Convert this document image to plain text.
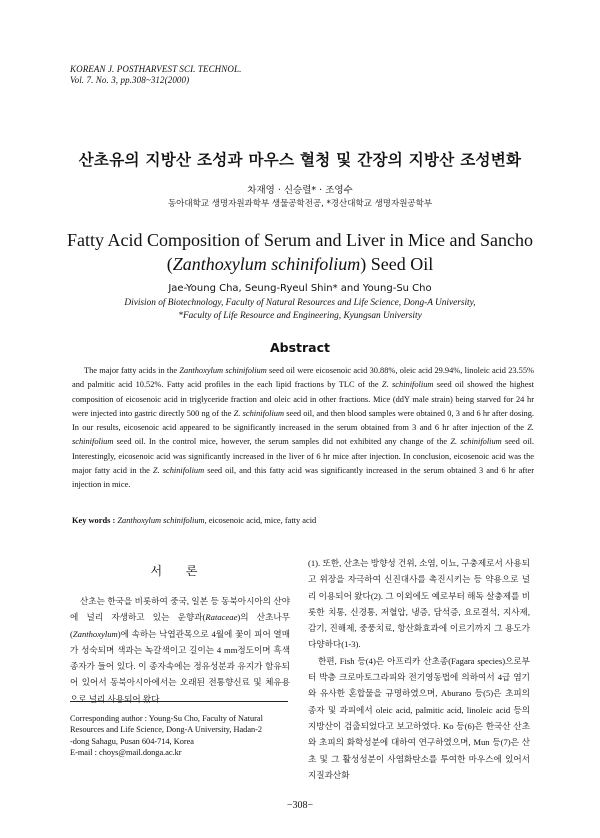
KOREAN J. POSTHARVEST SCI. TECHNOL.
Vol. 7. No. 3, pp.308~312(2000)
산초유의 지방산 조성과 마우스 혈청 및 간장의 지방산 조성변화
차재영 · 신승렬* · 조영수
동아대학교 생명자원과학부 생물공학전공, *경산대학교 생명자원공학부
Fatty Acid Composition of Serum and Liver in Mice and Sancho
(Zanthoxylum schinifolium) Seed Oil
Jae-Young Cha, Seung-Ryeul Shin* and Young-Su Cho
Division of Biotechnology, Faculty of Natural Resources and Life Science, Dong-A University,
*Faculty of Life Resource and Engineering, Kyungsan University
Abstract

The major fatty acids in the Zanthoxylum schinifolium seed oil were eicosenoic acid 30.88%, oleic acid 29.94%, linoleic acid 23.55% and palmitic acid 10.52%. Fatty acid profiles in the each lipid fractions by TLC of the Z. schinifolium seed oil showed the highest composition of eicosenoic acid in triglyceride fraction and oleic acid in other fractions. Mice (ddY male strain) being starved for 24 hr were injected into gastric directly 500 ng of the Z. schinifolium seed oil, and then blood samples were obtained 0, 3 and 6 hr after dosing. In our results, eicosenoic acid appeared to be significantly increased in the serum obtained from 3 and 6 hr after injection of the Z. schinifolium seed oil. In the control mice, however, the serum samples did not exhibited any change of the Z. schinifolium seed oil. Interestingly, eicosenoic acid was significantly increased in the liver of 6 hr mice after injection. In conclusion, eicosenoic acid was the major fatty acid in the Z. schinifolium seed oil, and this fatty acid was significantly increased in the serum obtained 3 and 6 hr after injection in mice.

Key words : Zanthoxylum schinifolium, eicosenoic acid, mice, fatty acid
서 론

산초는 한국을 비롯하여 중국, 일본 등 동북아시아의 산야에 널리 자생하고 있는 운향과(Rataceae)의 산초나무(Zanthoxylum)에 속하는 낙엽관목으로 4월에 꽃이 피어 열매가 성숙되며 색과는 녹갈색이고 길이는 4 mm정도이며 흑색종자가 들어 있다. 이 종자속에는 정유성분과 유지가 함유되어 있어서 동북아시아에서는 오래된 전통향신료 및 체유용으로 널리 사용되어 왔다

(1). 또한, 산초는 방향성 건위, 소염, 이뇨, 구충제로서 사용되고 위장을 자극하여 신진대사를 촉진시키는 등 약용으로 널리 이용되어 왔다(2). 그 이외에도 예로부터 해독 살충제를 비롯한 치통, 신경통, 저혈압, 냉증, 담석증, 요로결석, 지사제, 감기, 진해제, 중풍치료, 항산화효과에 이르기까지 그 용도가 다양하다(1-3).

한편, Fish 등(4)은 아프리카 산초종(Fagara species)으로부터 박층 크로마토그라피와 전기영동법에 의하여서 4급 염기와 유사한 혼합물을 규명하였으며, Aburano 등(5)은 초피의 종자 및 과피에서 oleic acid, palmitic acid, linoleic acid 등의 지방산이 검출되었다고 보고하였다. Ko 등(6)은 한국산 산초와 초피의 화학성분에 대하여 연구하였으며, Mun 등(7)은 산초 및 그 활성성분이 사염화탄소를 투여한 마우스에 있어서 지질과산화

Corresponding author : Young-Su Cho, Faculty of Natural
Resources and Life Science, Dong-A University, Hadan-2
-dong Sahagu, Pusan 604-714, Korea
E-mail : choys@mail.donga.ac.kr
−308−
